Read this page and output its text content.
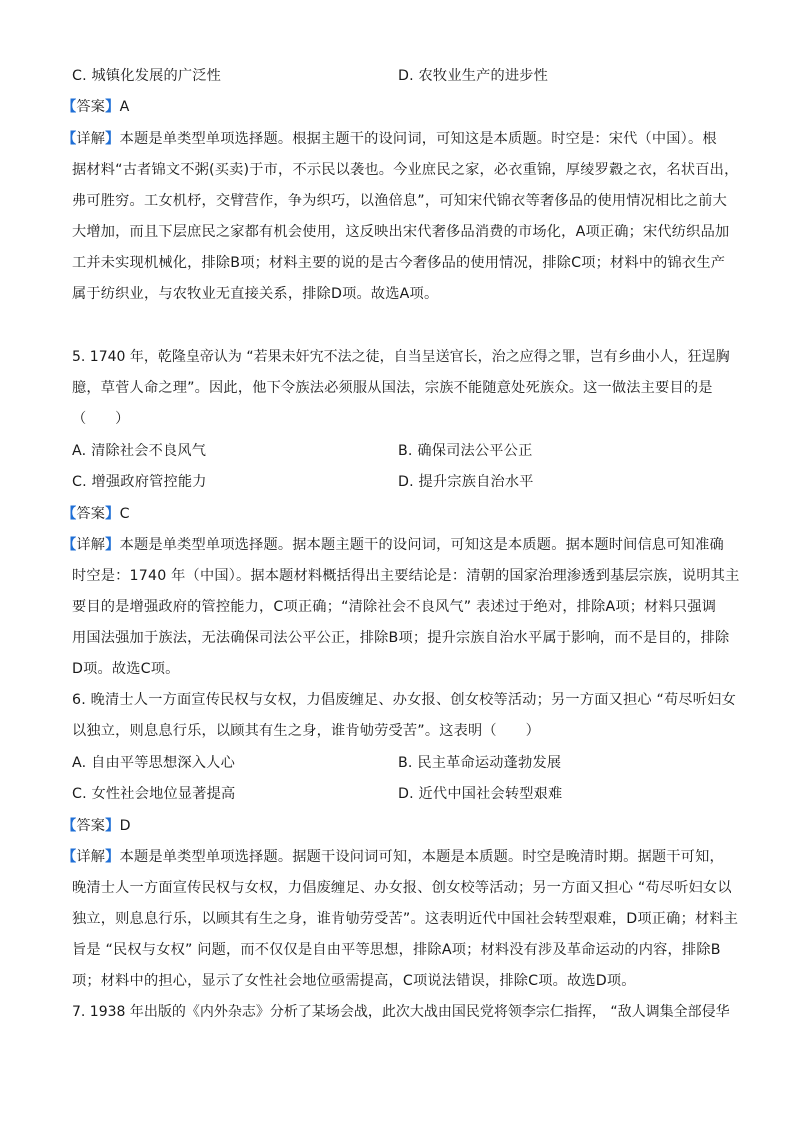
C. 城镇化发展的广泛性	D. 农牧业生产的进步性
【答案】A
【详解】本题是单类型单项选择题。根据主题干的设问词，可知这是本质题。时空是：宋代（中国）。根
据材料“古者锦文不粥(买卖)于市，不示民以袭也。今业庶民之家，必衣重锦，厚绫罗縠之衣，名状百出，
弗可胜穷。工女机杼，交臂营作，争为织巧，以渔倍息”，可知宋代锦衣等奢侈品的使用情况相比之前大
大增加，而且下层庶民之家都有机会使用，这反映出宋代奢侈品消费的市场化，A项正确；宋代纺织品加
工并未实现机械化，排除B项；材料主要的说的是古今奢侈品的使用情况，排除C项；材料中的锦衣生产
属于纺织业，与农牧业无直接关系，排除D项。故选A项。
5. 1740 年，乾隆皇帝认为 “若果未奸宄不法之徒，自当呈送官长，治之应得之罪，岂有乡曲小人，狂逞胸
臆，草菅人命之理”。因此，他下令族法必须服从国法，宗族不能随意处死族众。这一做法主要目的是
（　　）
A. 清除社会不良风气	B. 确保司法公平公正
C. 增强政府管控能力	D. 提升宗族自治水平
【答案】C
【详解】本题是单类型单项选择题。据本题主题干的设问词，可知这是本质题。据本题时间信息可知准确
时空是：1740 年（中国）。据本题材料概括得出主要结论是：清朝的国家治理渗透到基层宗族，说明其主
要目的是增强政府的管控能力，C项正确；“清除社会不良风气” 表述过于绝对，排除A项；材料只强调
用国法强加于族法，无法确保司法公平公正，排除B项；提升宗族自治水平属于影响，而不是目的，排除
D项。故选C项。
6. 晚清士人一方面宣传民权与女权，力倡废缠足、办女报、创女校等活动；另一方面又担心 “苟尽听妇女
以独立，则息息行乐，以顾其有生之身，谁肯劬劳受苦”。这表明（　　）
A. 自由平等思想深入人心	B. 民主革命运动蓬勃发展
C. 女性社会地位显著提高	D. 近代中国社会转型艰难
【答案】D
【详解】本题是单类型单项选择题。据题干设问词可知，本题是本质题。时空是晚清时期。据题干可知，
晚清士人一方面宣传民权与女权，力倡废缠足、办女报、创女校等活动；另一方面又担心 “苟尽听妇女以
独立，则息息行乐，以顾其有生之身，谁肯劬劳受苦”。这表明近代中国社会转型艰难，D项正确；材料主
旨是 “民权与女权” 问题，而不仅仅是自由平等思想，排除A项；材料没有涉及革命运动的内容，排除B
项；材料中的担心，显示了女性社会地位亟需提高，C项说法错误，排除C项。故选D项。
7. 1938 年出版的《内外杂志》分析了某场会战，此次大战由国民党将领李宗仁指挥， “敌人调集全部侵华
